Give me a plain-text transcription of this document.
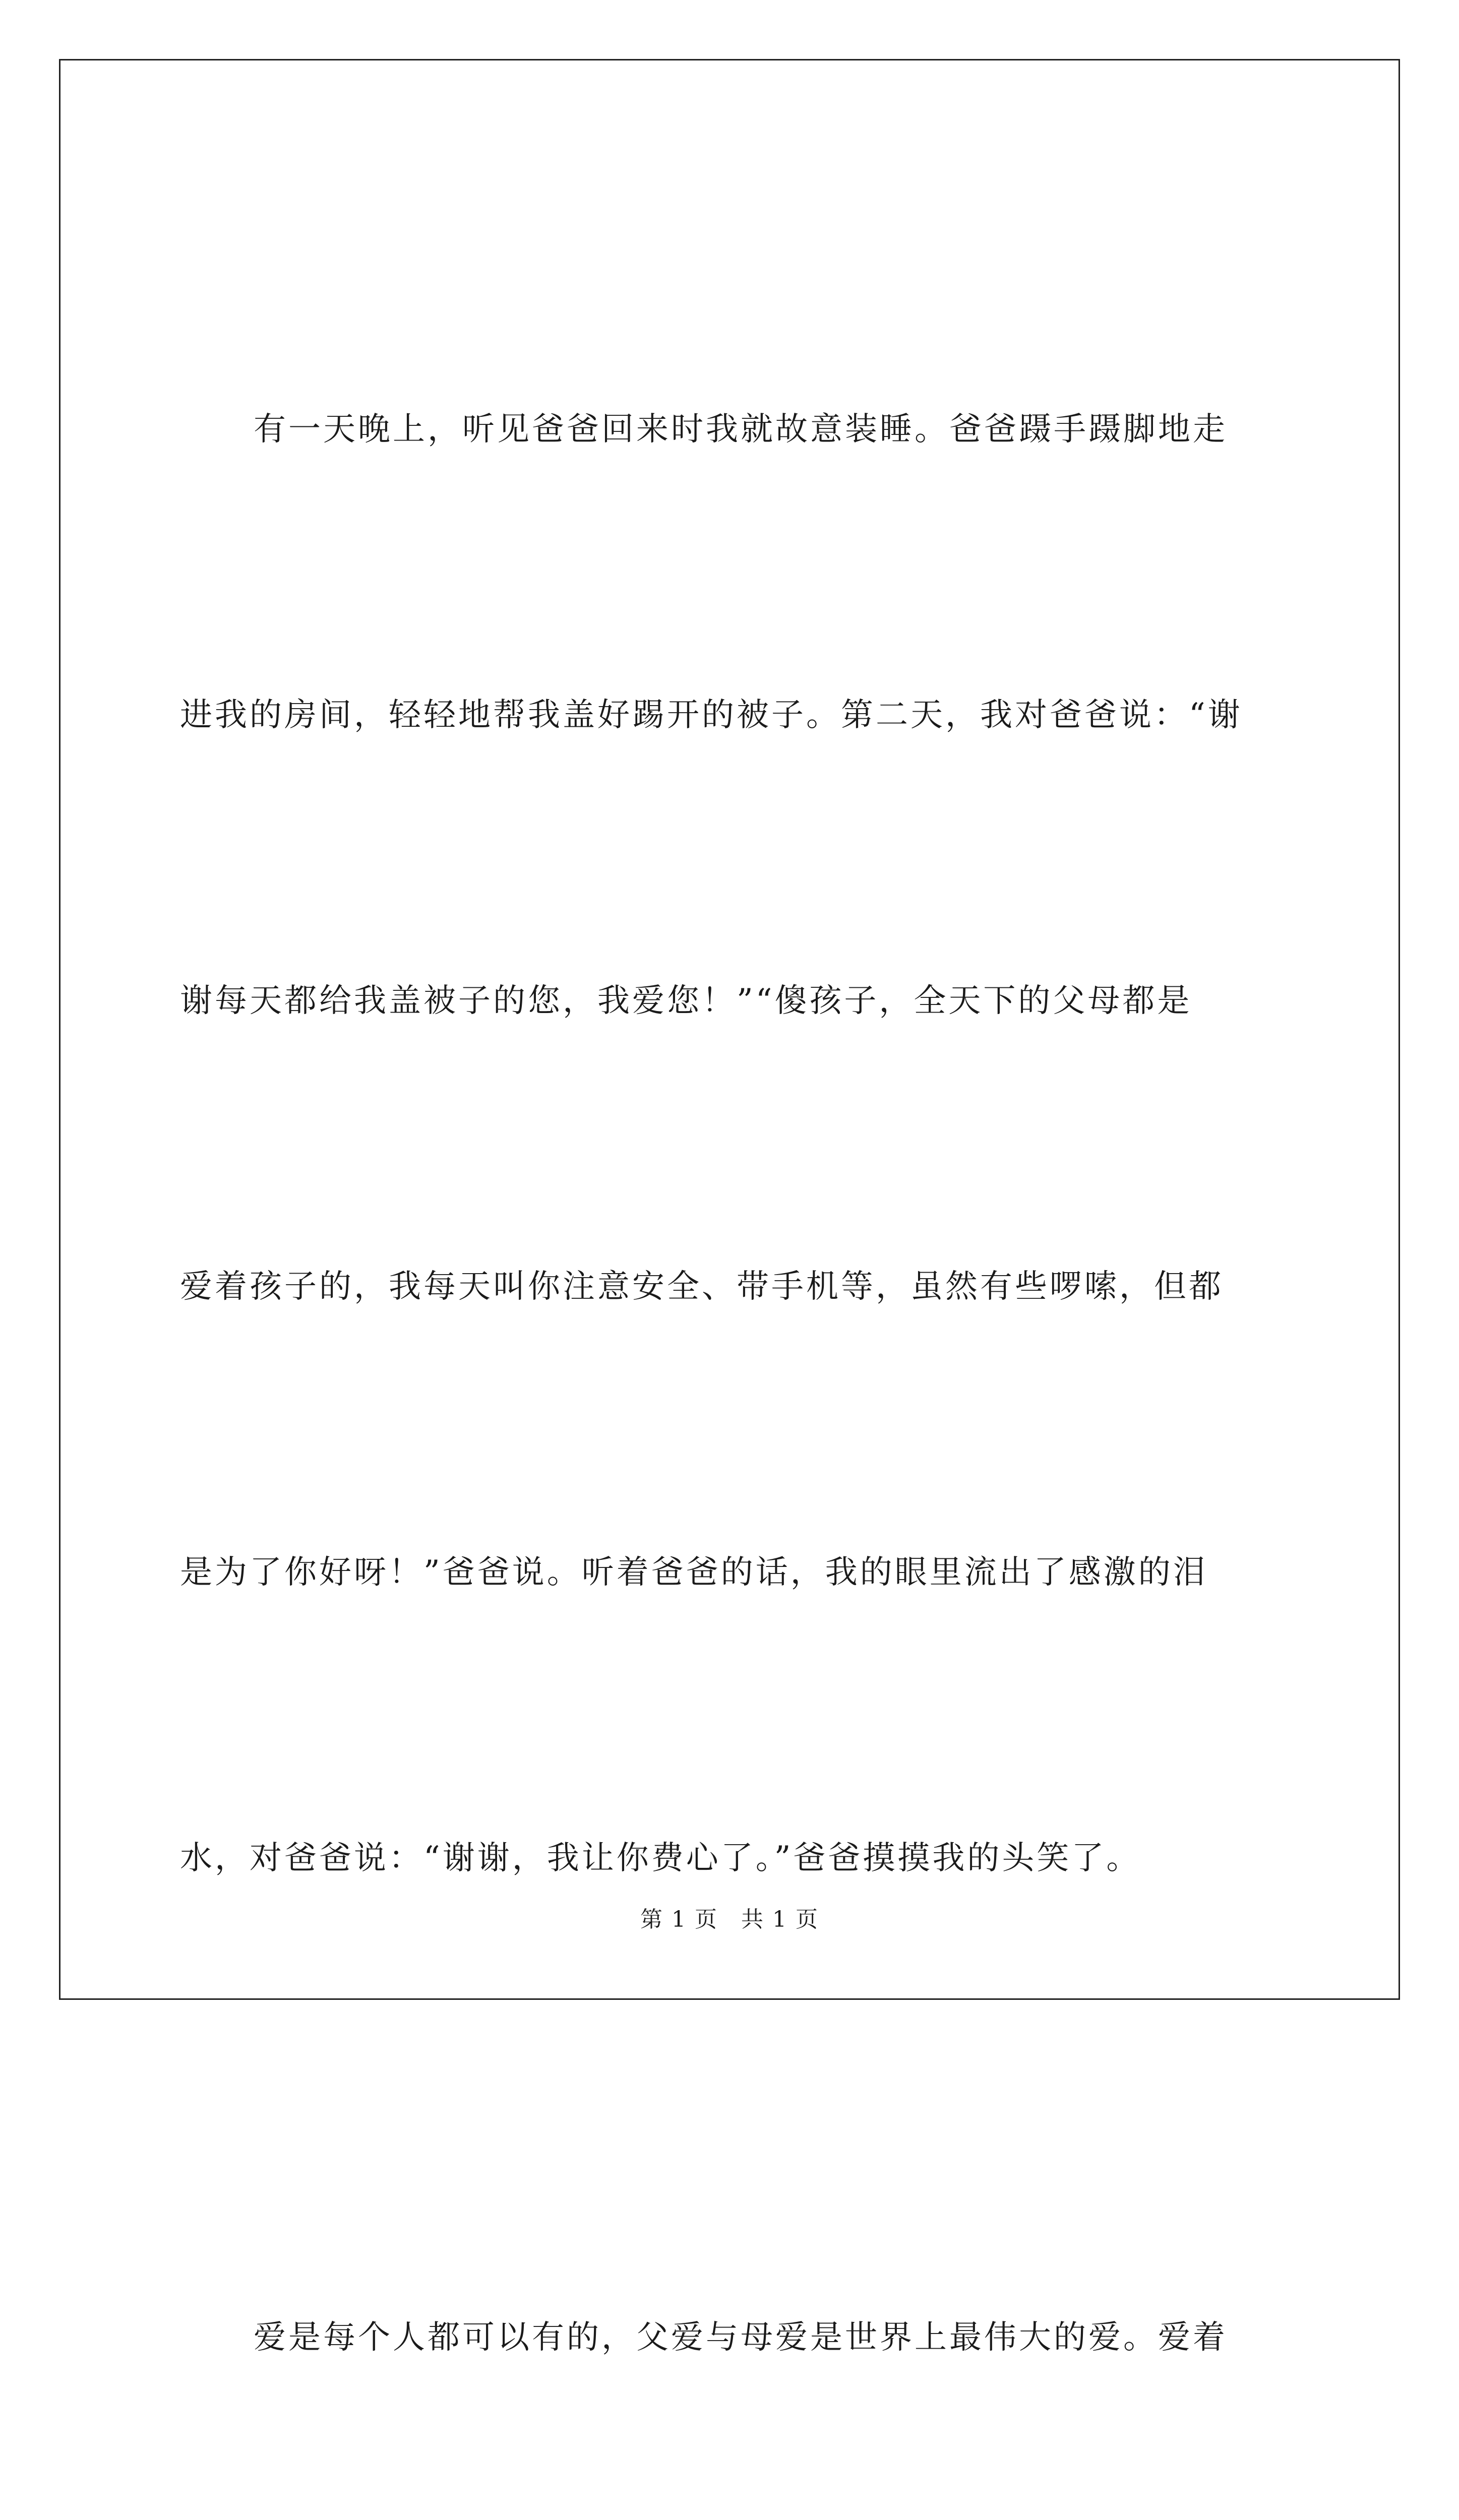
有一天晚上，听见爸爸回来时我就故意装睡。爸爸蹑手蹑脚地走

进我的房间，轻轻地帮我盖好踢开的被子。第二天，我对爸爸说：“谢

谢每天都给我盖被子的您，我爱您！”“傻孩子，全天下的父母都是

爱着孩子的，我每天叫你注意安全、带手机等，虽然有些啰嗦，但都

是为了你好呀！”爸爸说。听着爸爸的话，我的眼里流出了感激的泪

水，对爸爸说：“谢谢，我让你费心了。”爸爸摸摸我的头笑了。

爱是每个人都可以有的，父爱与母爱是世界上最伟大的爱。爱着

第 1 页 共 1 页
